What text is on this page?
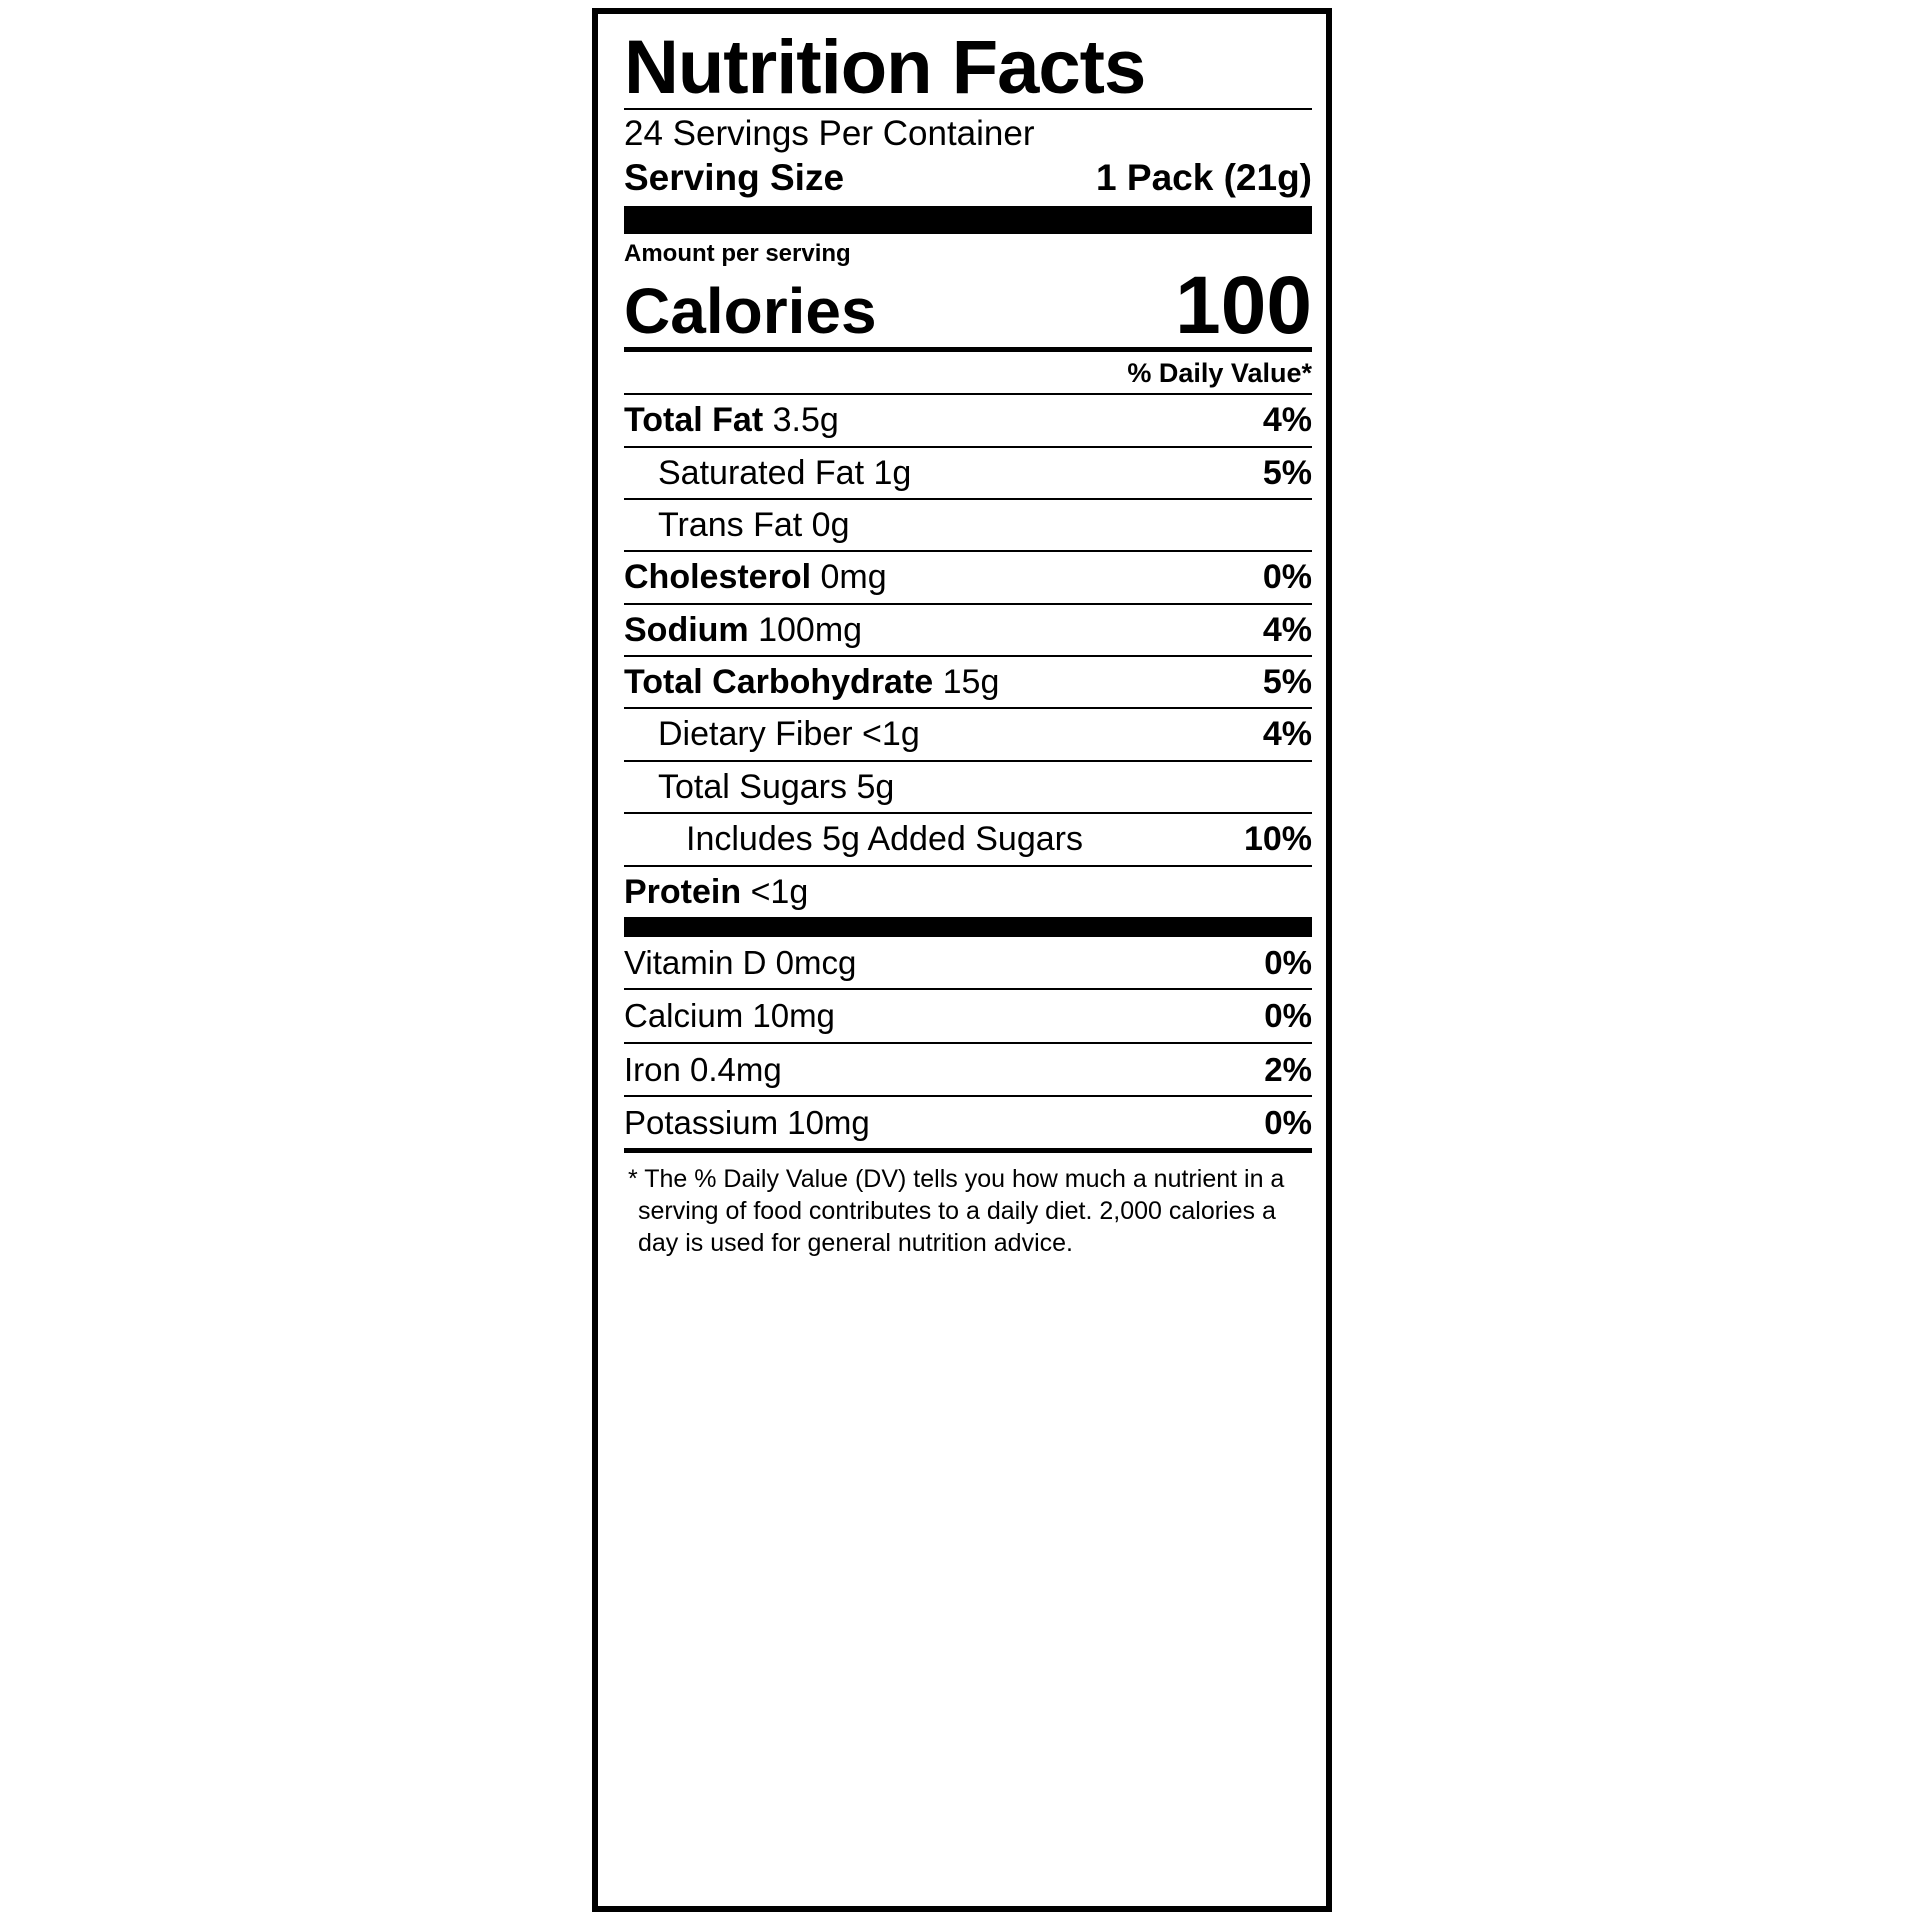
Nutrition Facts
24 Servings Per Container
Serving Size	1 Pack (21g)
Amount per serving
Calories	100
% Daily Value*
Total Fat 3.5g	4%
Saturated Fat 1g	5%
Trans Fat 0g
Cholesterol 0mg	0%
Sodium 100mg	4%
Total Carbohydrate 15g	5%
Dietary Fiber <1g	4%
Total Sugars 5g
Includes 5g Added Sugars	10%
Protein <1g
Vitamin D 0mcg	0%
Calcium 10mg	0%
Iron 0.4mg	2%
Potassium 10mg	0%
* The % Daily Value (DV) tells you how much a nutrient in a serving of food contributes to a daily diet. 2,000 calories a day is used for general nutrition advice.
